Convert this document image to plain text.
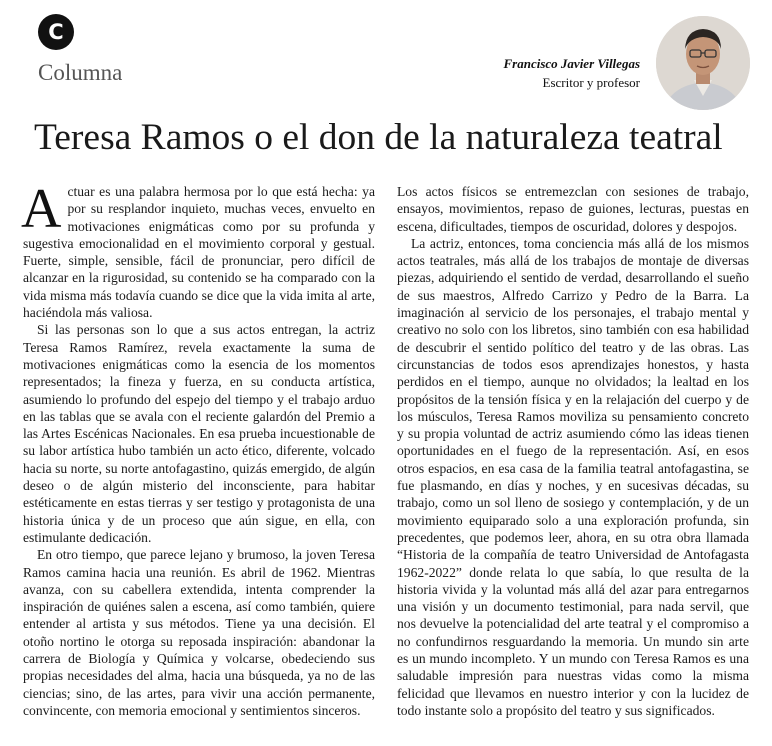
C
Columna	Francisco Javier Villegas
Escritor y profesor
Teresa Ramos o el don de la naturaleza teatral

Actuar es una palabra hermosa por lo que está hecha: ya por su resplandor inquieto, muchas veces, envuelto en motivaciones enigmáticas como por su profunda y sugestiva emocionalidad en el movimiento corporal y gestual. Fuerte, simple, sensible, fácil de pronunciar, pero difícil de alcanzar en la rigurosidad, su contenido se ha comparado con la vida misma más todavía cuando se dice que la vida imita al arte, haciéndola más valiosa.

Si las personas son lo que a sus actos entregan, la actriz Teresa Ramos Ramírez, revela exactamente la suma de motivaciones enigmáticas como la esencia de los momentos representados; la fineza y fuerza, en su conducta artística, asumiendo lo profundo del espejo del tiempo y el trabajo arduo en las tablas que se avala con el reciente galardón del Premio a las Artes Escénicas Nacionales. En esa prueba incuestionable de su labor artística hubo también un acto ético, diferente, volcado hacia su norte, su norte antofagastino, quizás emergido, de algún deseo o de algún misterio del inconsciente, para habitar estéticamente en estas tierras y ser testigo y protagonista de una historia única y de un proceso que aún sigue, en ella, con estimulante dedicación.

En otro tiempo, que parece lejano y brumoso, la joven Teresa Ramos camina hacia una reunión. Es abril de 1962. Mientras avanza, con su cabellera extendida, intenta comprender la inspiración de quiénes salen a escena, así como también, quiere entender al artista y sus métodos. Tiene ya una decisión. El otoño nortino le otorga su reposada inspiración: abandonar la carrera de Biología y Química y volcarse, obedeciendo sus propias necesidades del alma, hacia una búsqueda, ya no de las ciencias; sino, de las artes, para vivir una acción permanente, convincente, con memoria emocional y sentimientos sinceros.

Los actos físicos se entremezclan con sesiones de trabajo, ensayos, movimientos, repaso de guiones, lecturas, puestas en escena, dificultades, tiempos de oscuridad, dolores y despojos.

La actriz, entonces, toma conciencia más allá de los mismos actos teatrales, más allá de los trabajos de montaje de diversas piezas, adquiriendo el sentido de verdad, desarrollando el sueño de sus maestros, Alfredo Carrizo y Pedro de la Barra. La imaginación al servicio de los personajes, el trabajo mental y creativo no solo con los libretos, sino también con esa habilidad de descubrir el sentido político del teatro y de las obras. Las circunstancias de todos esos aprendizajes honestos, y hasta perdidos en el tiempo, aunque no olvidados; la lealtad en los propósitos de la tensión física y en la relajación del cuerpo y de los músculos, Teresa Ramos moviliza su pensamiento concreto y su propia voluntad de actriz asumiendo cómo las ideas tienen oportunidades en el fuego de la representación. Así, en esos otros espacios, en esa casa de la familia teatral antofagastina, se fue plasmando, en días y noches, y en sucesivas décadas, su trabajo, como un sol lleno de sosiego y contemplación, y de un movimiento equiparado solo a una exploración profunda, sin precedentes, que podemos leer, ahora, en su otra obra llamada “Historia de la compañía de teatro Universidad de Antofagasta 1962-2022” donde relata lo que sabía, lo que resulta de la historia vivida y la voluntad más allá del azar para entregarnos una visión y un documento testimonial, para nada servil, que nos devuelve la potencialidad del arte teatral y el compromiso a no confundirnos resguardando la memoria. Un mundo sin arte es un mundo incompleto. Y un mundo con Teresa Ramos es una saludable impresión para nuestras vidas como la misma felicidad que llevamos en nuestro interior y con la lucidez de todo instante solo a propósito del teatro y sus significados.
